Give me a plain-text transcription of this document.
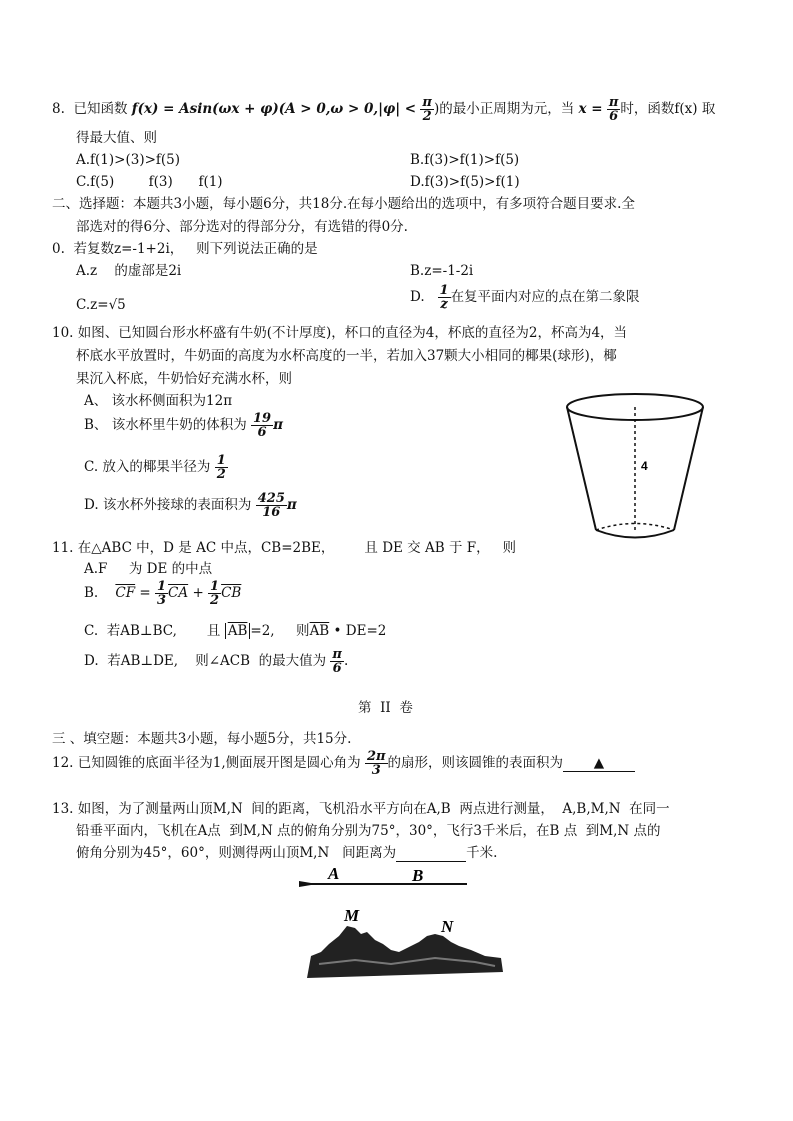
8. 已知函数 $f(x) = Asin(\omega x + \varphi)(A > 0,\omega > 0,|\varphi| < \frac{\pi}{2}$ )的最小正周期为元，当 $x = \frac{\pi}{6}$ 时，函数f(x) 取
得最大值、则
A.f(1)>(3)>f(5)	B.f(3)>f(1)>f(5)
C.f(5)        f(3)      f(1)	D.f(3)>f(5)>f(1)
二、选择题：本题共3小题，每小题6分，共18分.在每小题给出的选项中，有多项符合题目要求.全
部选对的得6分、部分选对的得部分分，有选错的得0分.
0.  若复数z=-1+2i，   则下列说法正确的是
A.z    的虚部是2i	B.z=-1-2i
C.z=√5	D. $\frac{1}{z}$ 在复平面内对应的点在第二象限
10. 如图、已知圆台形水杯盛有牛奶(不计厚度)，杯口的直径为4，杯底的直径为2，杯高为4，当
杯底水平放置时，牛奶面的高度为水杯高度的一半，若加入37颗大小相同的椰果(球形)，椰
果沉入杯底，牛奶恰好充满水杯，则
A、 该水杯侧面积为12π
B、 该水杯里牛奶的体积为 $\frac{19}{6}$ π
C. 放入的椰果半径为 $\frac{1}{2}$
D. 该水杯外接球的表面积为 $\frac{425}{16}$ π
4
11. 在△ABC 中，D 是 AC 中点，CB=2BE，       且 DE 交 AB 于 F，   则
A.F     为 DE 的中点
B. $\overline{CF} = \frac{1}{3} \overline{CA} + \frac{1}{2} \overline{CB}$
C.  若AB⊥BC,       且 $\overline{AB} =2$,     则$\overline{AB}$ • DE=2
D.  若AB⊥DE,    则∠ACB  的最大值为 $\frac{\pi}{6}$ .
第  II  卷
三 、填空题：本题共3小题，每小题5分，共15分.
12. 已知圆锥的底面半径为1,侧面展开图是圆心角为 $\frac{2\pi}{3}$ 的扇形，则该圆锥的表面积为 ▲
13. 如图，为了测量两山顶M,N  间的距离，飞机沿水平方向在A,B  两点进行测量，  A,B,M,N  在同一
铅垂平面内，飞机在A点  到M,N 点的俯角分别为75°，30°，飞行3千米后，在B 点  到M,N 点的
俯角分别为45°，60°，则测得两山顶M,N   间距离为	千米.
A	B
M
N
